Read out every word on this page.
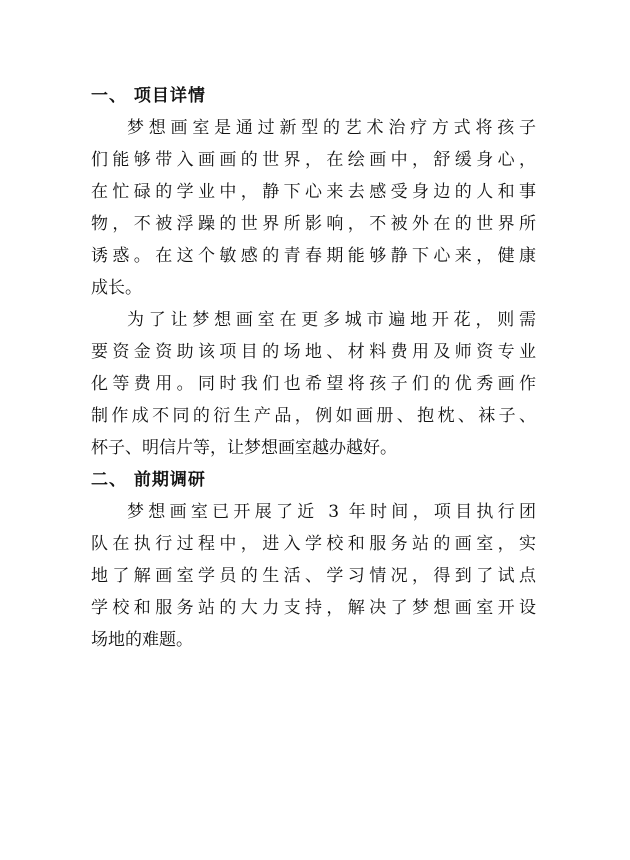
一、 项目详情
梦想画室是通过新型的艺术治疗方式将孩子
们能够带入画画的世界，在绘画中，舒缓身心，
在忙碌的学业中，静下心来去感受身边的人和事
物，不被浮躁的世界所影响，不被外在的世界所
诱惑。在这个敏感的青春期能够静下心来，健康
成长。
为了让梦想画室在更多城市遍地开花，则需
要资金资助该项目的场地、材料费用及师资专业
化等费用。同时我们也希望将孩子们的优秀画作
制作成不同的衍生产品，例如画册、抱枕、袜子、
杯子、明信片等，让梦想画室越办越好。
二、 前期调研
梦想画室已开展了近 3 年时间，项目执行团
队在执行过程中，进入学校和服务站的画室，实
地了解画室学员的生活、学习情况，得到了试点
学校和服务站的大力支持，解决了梦想画室开设
场地的难题。
